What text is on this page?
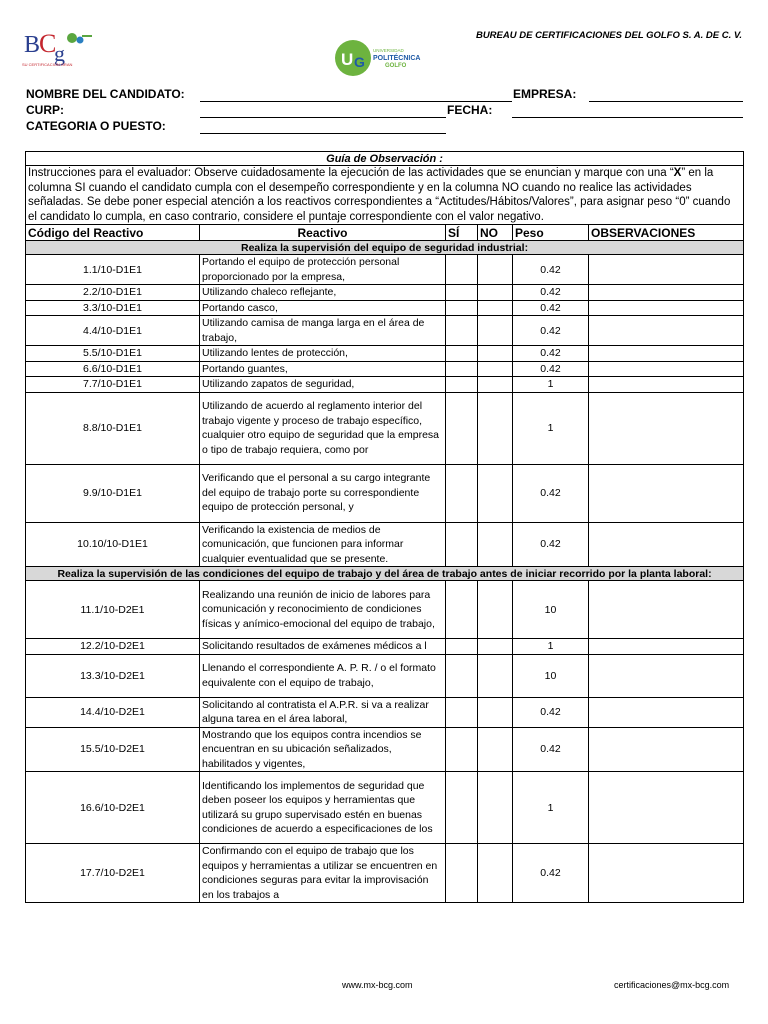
B
C
g
SU CERTIFICACION GRAN	U G
UNIVERSIDAD
POLITÉCNICA
GOLFO
BUREAU DE CERTIFICACIONES DEL GOLFO S. A. DE C. V.
NOMBRE DEL CANDIDATO:	EMPRESA:
CURP:	FECHA:
CATEGORIA O PUESTO:
Guía de Observación :					
Instrucciones para el evaluador: Observe cuidadosamente la ejecución de las actividades que se enuncian y marque con una “X” en la columna SI cuando el candidato cumpla con el desempeño correspondiente y en la columna NO cuando no realice las actividades señaladas. Se debe poner especial atención a los reactivos correspondientes a “Actitudes/Hábitos/Valores”, para asignar peso “0” cuando el candidato lo cumpla, en caso contrario, considere el puntaje correspondiente con el valor negativo.					
Código del Reactivo	Reactivo	SÍ	NO	Peso	OBSERVACIONES
Realiza la supervisión del equipo de seguridad industrial:					
1.1/10-D1E1	Portando el equipo de protección personal proporcionado por la empresa,			0.42	
2.2/10-D1E1	Utilizando chaleco reflejante,			0.42	
3.3/10-D1E1	Portando casco,			0.42	
4.4/10-D1E1	Utilizando camisa de manga larga en el área de trabajo,			0.42	
5.5/10-D1E1	Utilizando lentes de protección,			0.42	
6.6/10-D1E1	Portando guantes,			0.42	
7.7/10-D1E1	Utilizando zapatos de seguridad,			1	
8.8/10-D1E1	Utilizando de acuerdo al reglamento interior del trabajo vigente y proceso de trabajo específico, cualquier otro equipo de seguridad que la empresa o tipo de trabajo requiera, como por			1	
9.9/10-D1E1	Verificando que el personal a su cargo integrante del equipo de trabajo porte su correspondiente equipo de protección personal, y			0.42	
10.10/10-D1E1	Verificando la existencia de medios de comunicación, que funcionen para informar cualquier eventualidad que se presente.			0.42	
Realiza la supervisión de las condiciones del equipo de trabajo y del área de trabajo antes de iniciar recorrido por la planta laboral:					
11.1/10-D2E1	Realizando una reunión de inicio de labores para comunicación y reconocimiento de condiciones físicas y anímico-emocional del equipo de trabajo,			10	
12.2/10-D2E1	Solicitando resultados de exámenes médicos a l			1	
13.3/10-D2E1	Llenando el correspondiente A. P. R. / o el formato equivalente con el equipo de trabajo,			10	
14.4/10-D2E1	Solicitando al contratista el A.P.R. si va a realizar alguna tarea en el área laboral,			0.42	
15.5/10-D2E1	Mostrando que los equipos contra incendios se encuentran en su ubicación señalizados, habilitados y vigentes,			0.42	
16.6/10-D2E1	Identificando los implementos de seguridad que deben poseer los equipos y herramientas que utilizará su grupo supervisado estén en buenas condiciones de acuerdo a especificaciones de los			1	
17.7/10-D2E1	Confirmando con el equipo de trabajo que los equipos y herramientas a utilizar se encuentren en condiciones seguras para evitar la improvisación en los trabajos a			0.42	
www.mx-bcg.com	certificaciones@mx-bcg.com
